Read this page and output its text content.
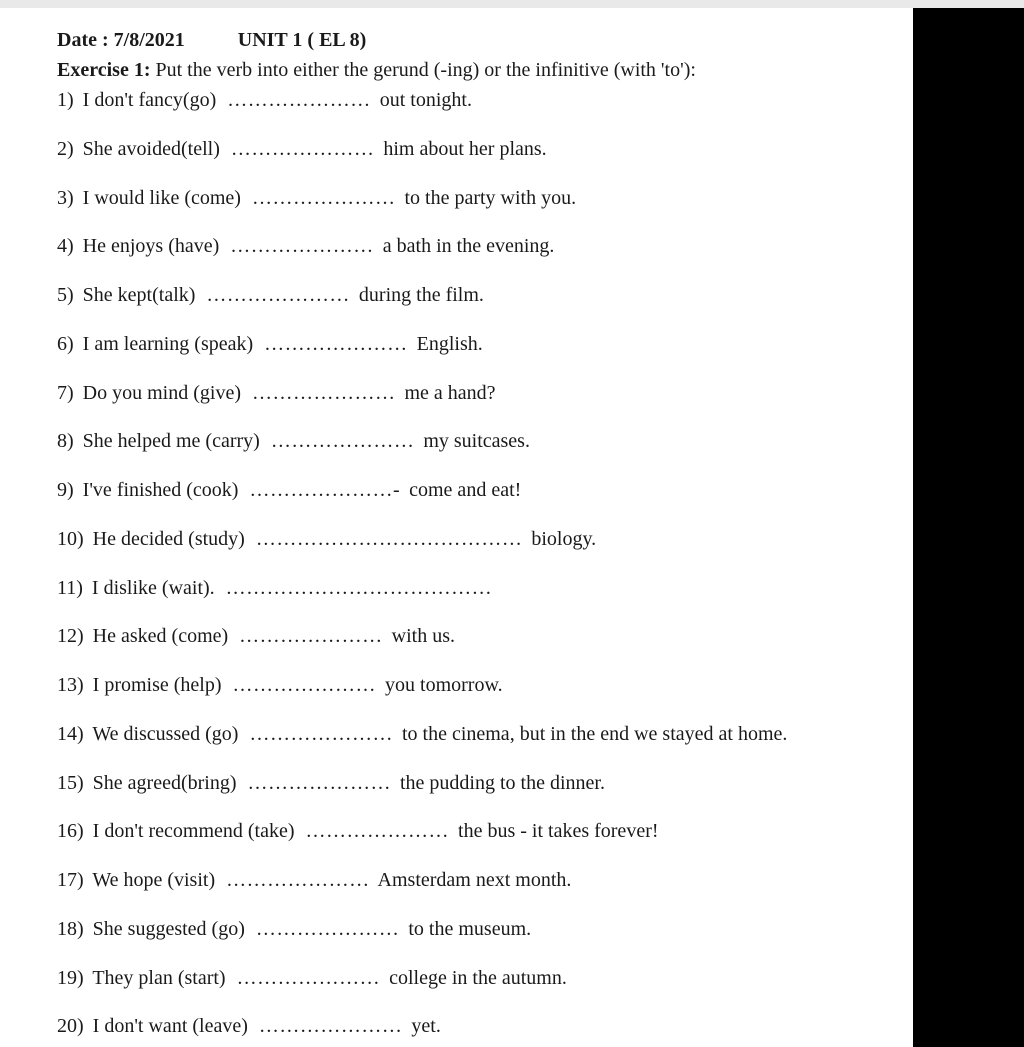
Date : 7/8/2021	UNIT 1 ( EL 8)
Exercise 1: Put the verb into either the gerund (-ing) or the infinitive (with 'to'):
1) I don't fancy(go) ………………… out tonight.
2) She avoided(tell) ………………… him about her plans.
3) I would like (come) ………………… to the party with you.
4) He enjoys (have) ………………… a bath in the evening.
5) She kept(talk) ………………… during the film.
6) I am learning (speak) ………………… English.
7) Do you mind (give) ………………… me a hand?
8) She helped me (carry) ………………… my suitcases.
9) I've finished (cook) …………………- come and eat!
10) He decided (study) ………………………………… biology.
11) I dislike (wait). …………………………………
12) He asked (come) ………………… with us.
13) I promise (help) ………………… you tomorrow.
14) We discussed (go) ………………… to the cinema, but in the end we stayed at home.
15) She agreed(bring) ………………… the pudding to the dinner.
16) I don't recommend (take) ………………… the bus - it takes forever!
17) We hope (visit) ………………… Amsterdam next month.
18) She suggested (go) ………………… to the museum.
19) They plan (start) ………………… college in the autumn.
20) I don't want (leave) ………………… yet.
